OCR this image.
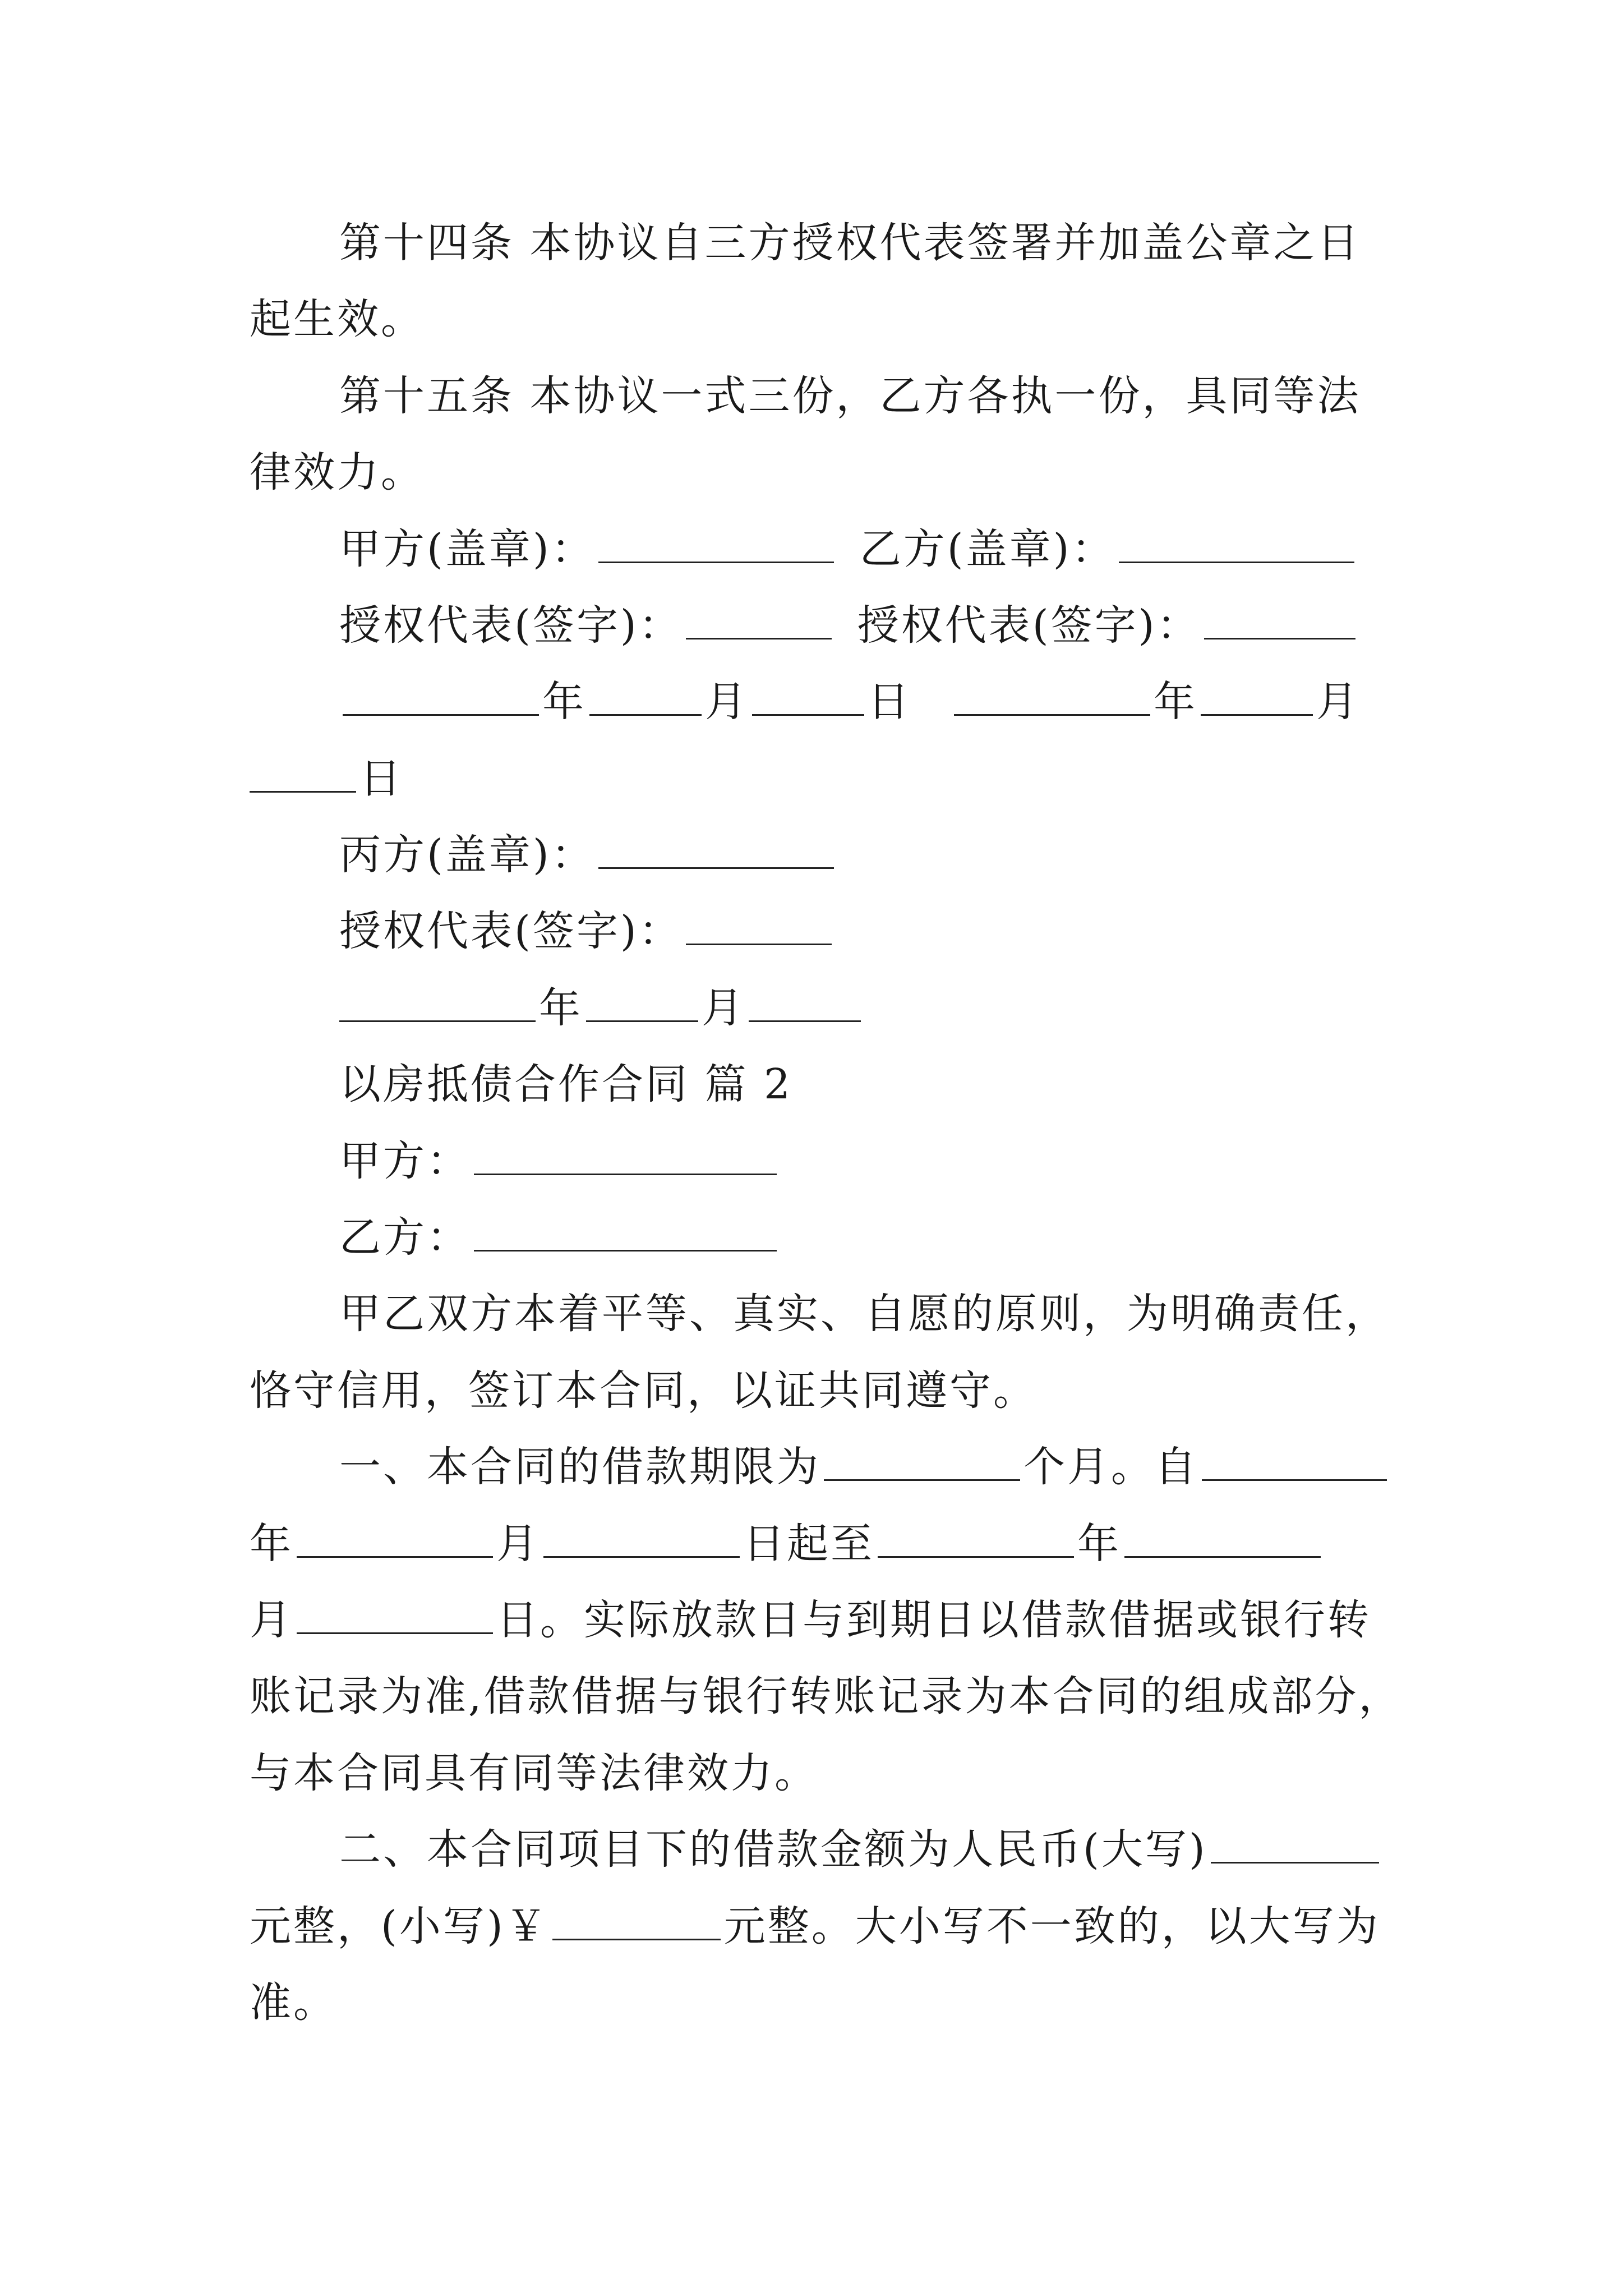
第十四条 本协议自三方授权代表签署并加盖公章之日
起生效。
第十五条 本协议一式三份，乙方各执一份，具同等法
律效力。
甲方(盖章)：	乙方(盖章)：
授权代表(签字)：	授权代表(签字)：
年	月	日	年	月
日
丙方(盖章)：
授权代表(签字)：
年	月
以房抵债合作合同 篇 2
甲方：
乙方：
甲乙双方本着平等、真实、自愿的原则，为明确责任，
恪守信用，签订本合同，以证共同遵守。
一、本合同的借款期限为	个月。自
年	月	日起至	年
月	日。实际放款日与到期日以借款借据或银行转
账记录为准,借款借据与银行转账记录为本合同的组成部分，
与本合同具有同等法律效力。
二、本合同项目下的借款金额为人民币(大写)
元整，(小写)￥	元整。大小写不一致的，以大写为
准。
